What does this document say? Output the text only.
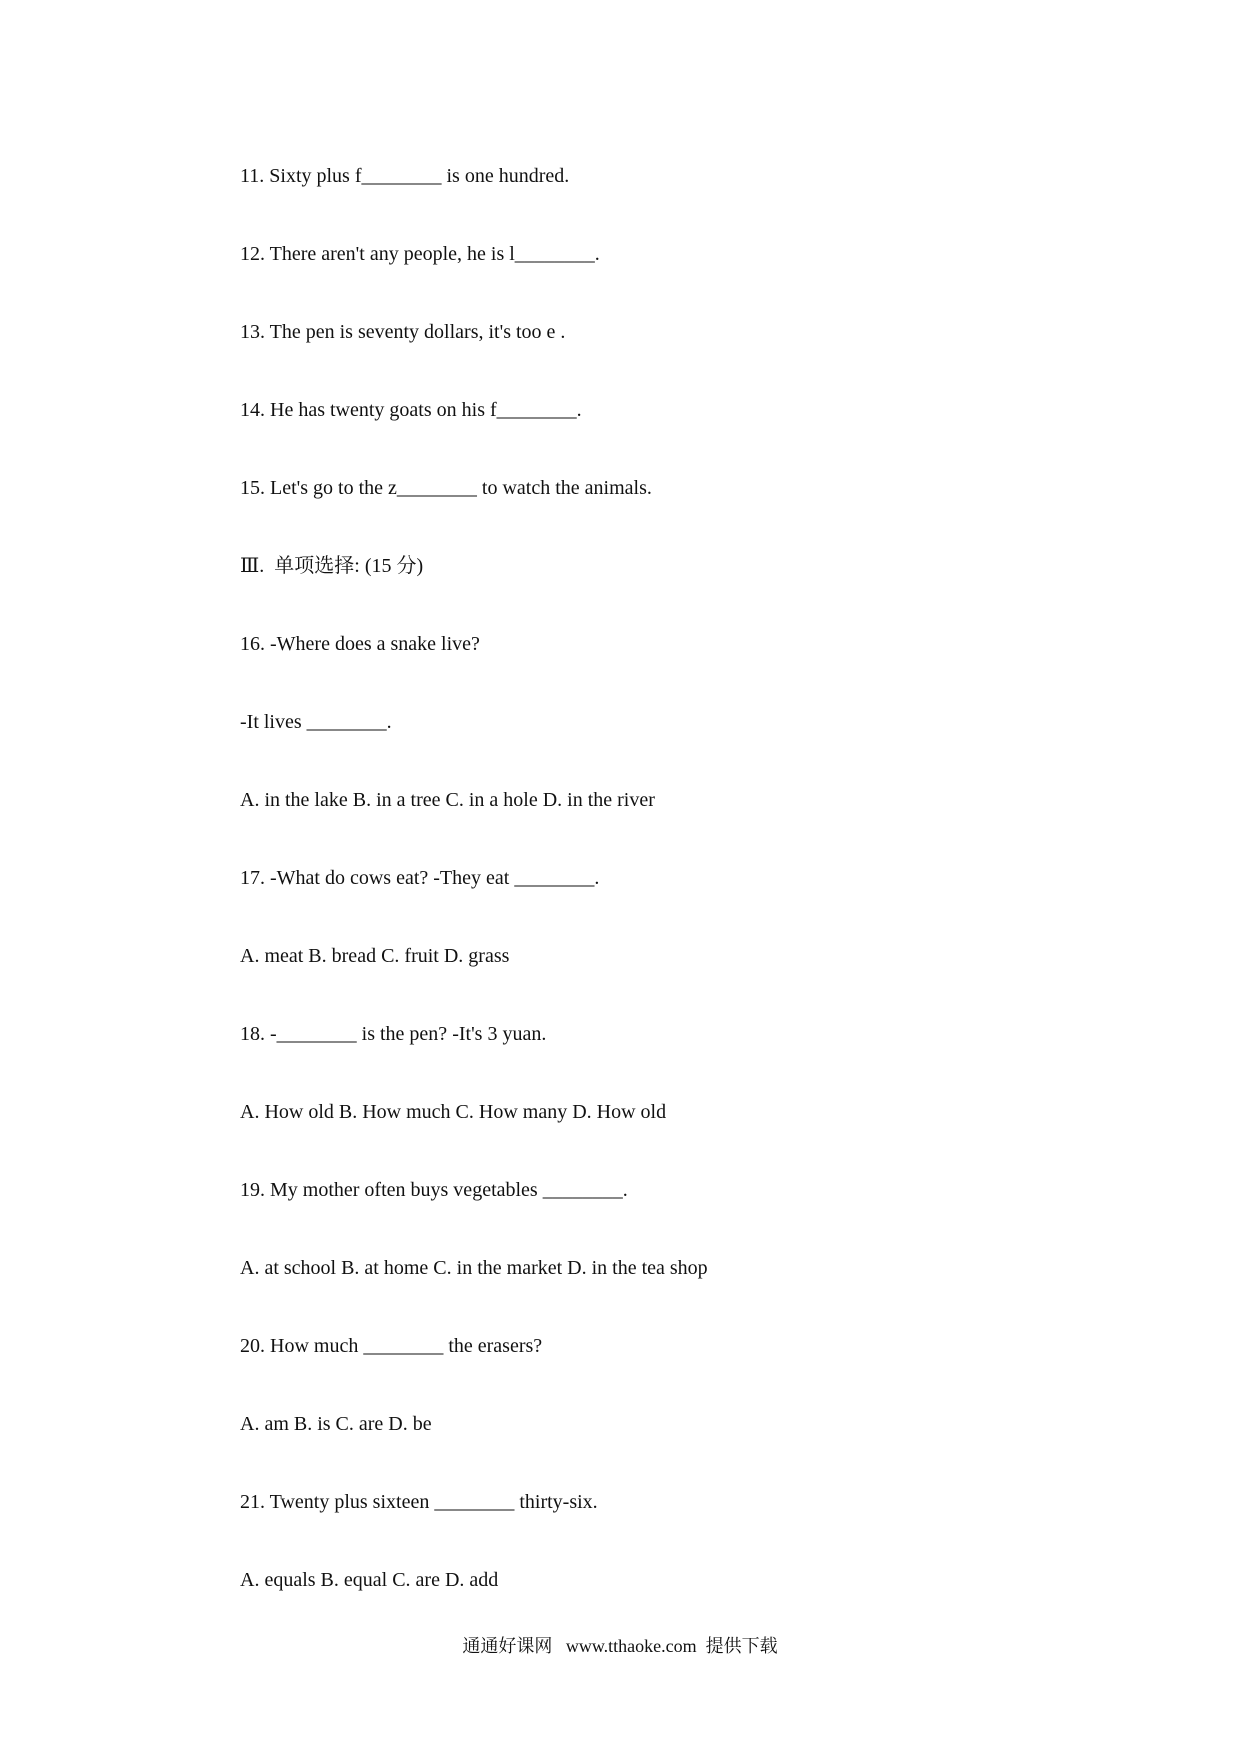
11. Sixty plus f________ is one hundred.
12. There aren't any people, he is l________.
13. The pen is seventy dollars, it's too e .
14. He has twenty goats on his f________.
15. Let's go to the z________ to watch the animals.
Ⅲ.  单项选择: (15 分)
16. -Where does a snake live?
-It lives ________.
A. in the lake B. in a tree C. in a hole D. in the river
17. -What do cows eat? -They eat ________.
A. meat B. bread C. fruit D. grass
18. -________ is the pen? -It's 3 yuan.
A. How old B. How much C. How many D. How old
19. My mother often buys vegetables ________.
A. at school B. at home C. in the market D. in the tea shop
20. How much ________ the erasers?
A. am B. is C. are D. be
21. Twenty plus sixteen ________ thirty-six.
A. equals B. equal C. are D. add
通通好课网   www.tthaoke.com  提供下载
